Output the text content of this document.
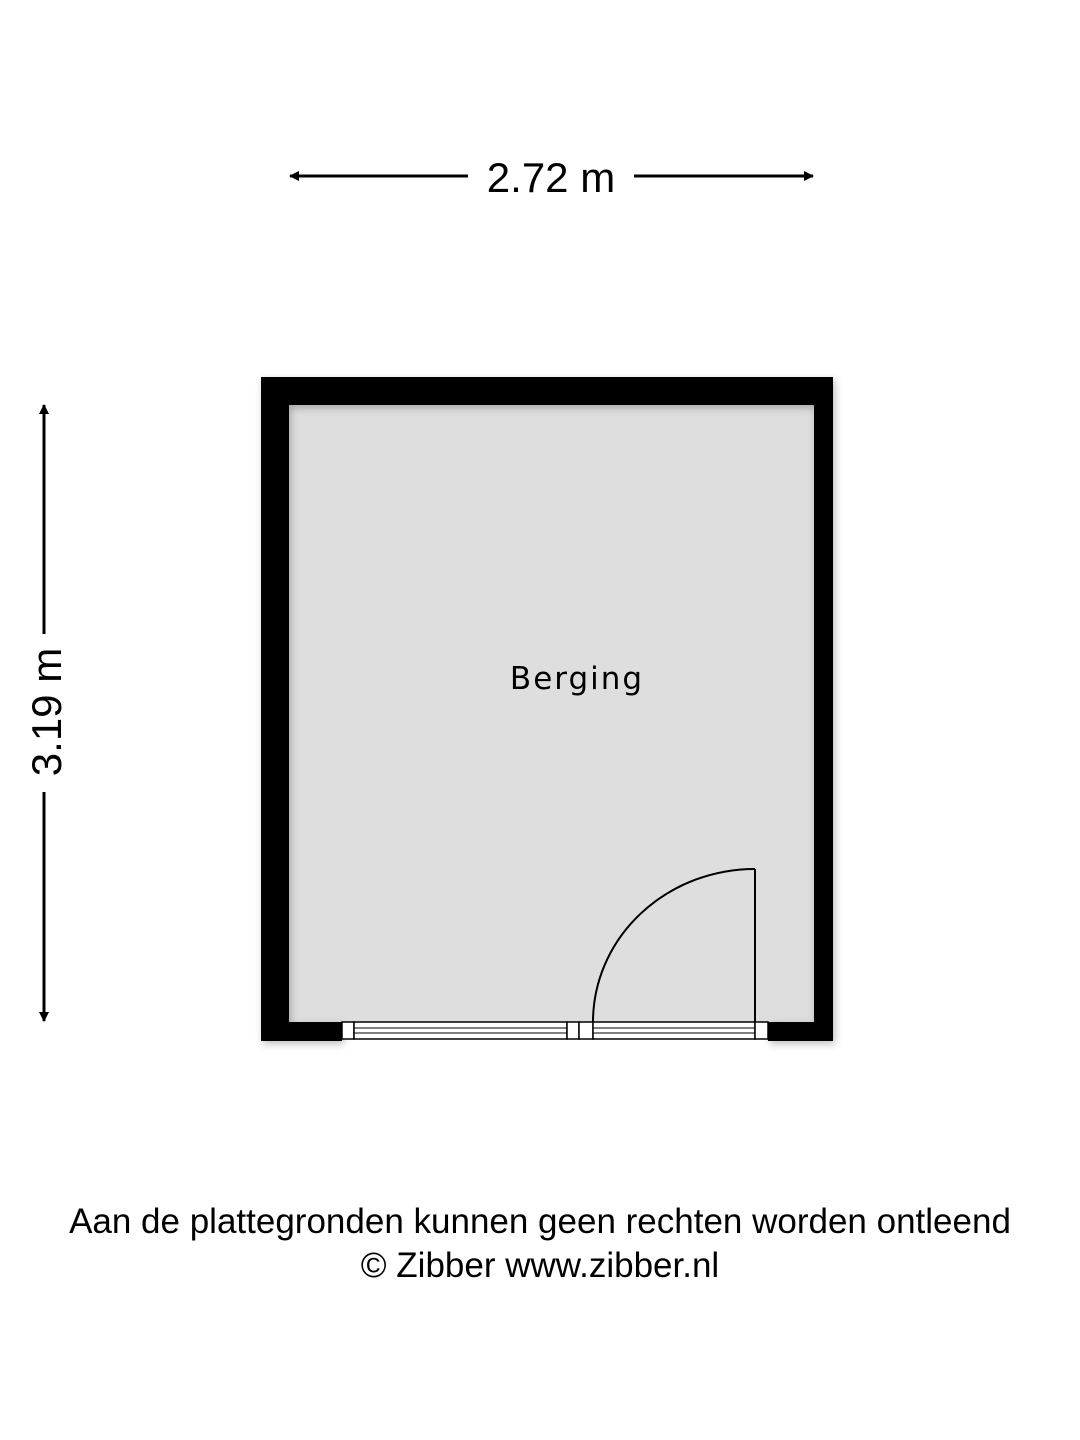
2.72 m
3.19 m	Berging
Aan de plattegronden kunnen geen rechten worden ontleend
© Zibber www.zibber.nl
